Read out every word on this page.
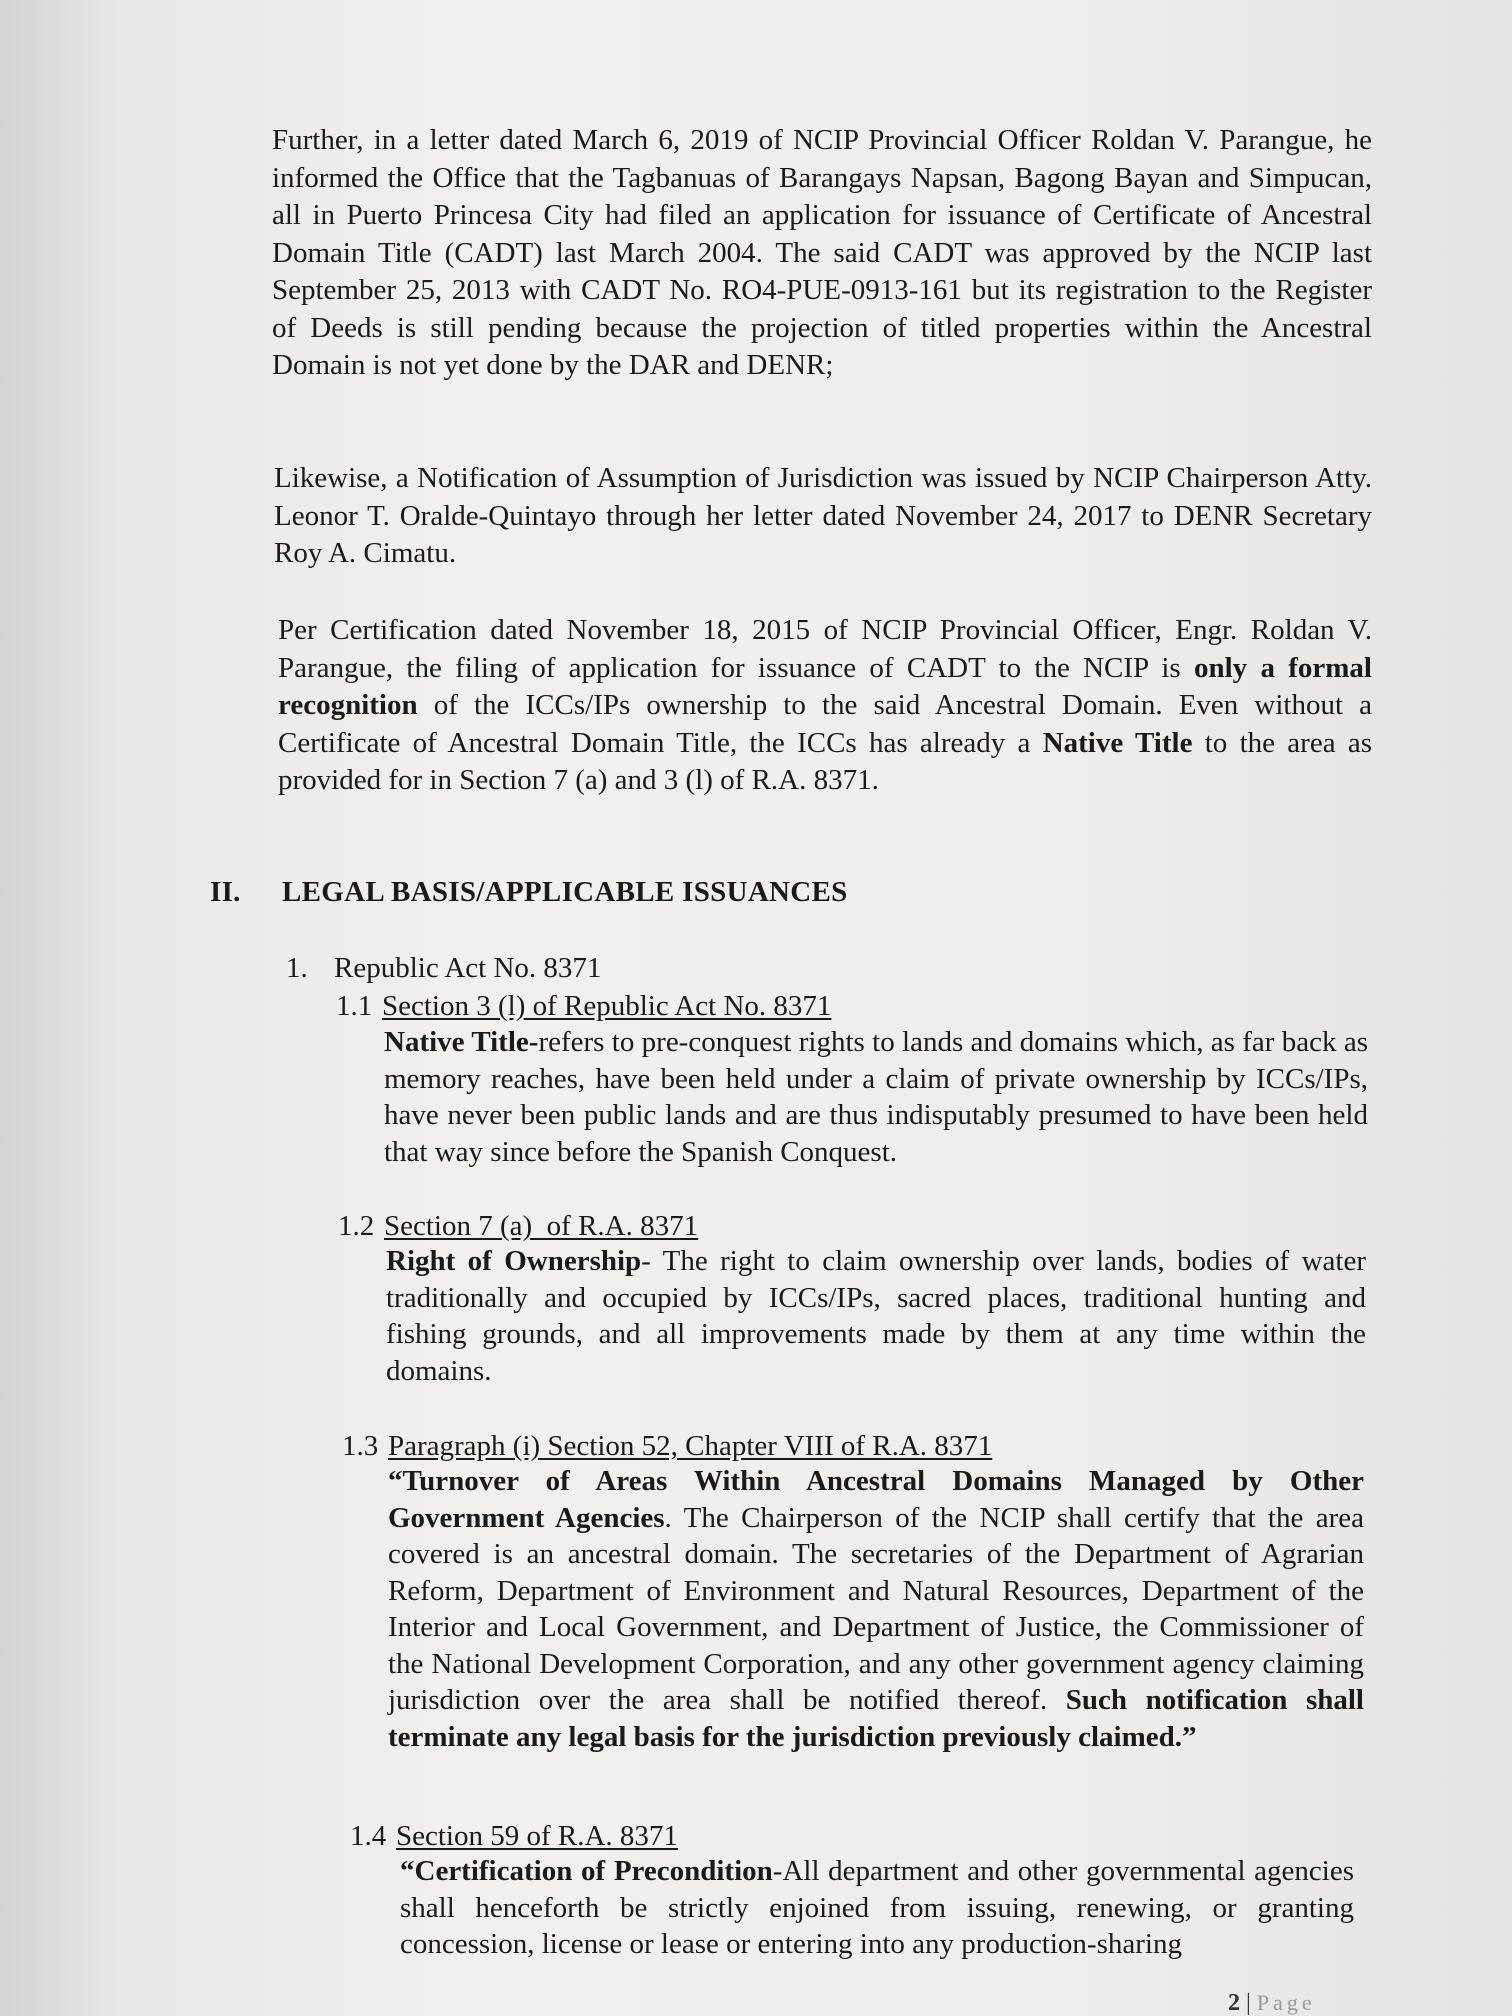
Further, in a letter dated March 6, 2019 of NCIP Provincial Officer Roldan V. Parangue, he informed the Office that the Tagbanuas of Barangays Napsan, Bagong Bayan and Simpucan, all in Puerto Princesa City had filed an application for issuance of Certificate of Ancestral Domain Title (CADT) last March 2004. The said CADT was approved by the NCIP last September 25, 2013 with CADT No. RO4-PUE-0913-161 but its registration to the Register of Deeds is still pending because the projection of titled properties within the Ancestral Domain is not yet done by the DAR and DENR;

Likewise, a Notification of Assumption of Jurisdiction was issued by NCIP Chairperson Atty. Leonor T. Oralde-Quintayo through her letter dated November 24, 2017 to DENR Secretary Roy A. Cimatu.

Per Certification dated November 18, 2015 of NCIP Provincial Officer, Engr. Roldan V. Parangue, the filing of application for issuance of CADT to the NCIP is only a formal recognition of the ICCs/IPs ownership to the said Ancestral Domain. Even without a Certificate of Ancestral Domain Title, the ICCs has already a Native Title to the area as provided for in Section 7 (a) and 3 (l) of R.A. 8371.

II. LEGAL BASIS/APPLICABLE ISSUANCES
1. Republic Act No. 8371
1.1 Section 3 (l) of Republic Act No. 8371

Native Title-refers to pre-conquest rights to lands and domains which, as far back as memory reaches, have been held under a claim of private ownership by ICCs/IPs, have never been public lands and are thus indisputably presumed to have been held that way since before the Spanish Conquest.

1.2 Section 7 (a)  of R.A. 8371

Right of Ownership- The right to claim ownership over lands, bodies of water traditionally and occupied by ICCs/IPs, sacred places, traditional hunting and fishing grounds, and all improvements made by them at any time within the domains.

1.3 Paragraph (i) Section 52, Chapter VIII of R.A. 8371

“Turnover of Areas Within Ancestral Domains Managed by Other Government Agencies. The Chairperson of the NCIP shall certify that the area covered is an ancestral domain. The secretaries of the Department of Agrarian Reform, Department of Environment and Natural Resources, Department of the Interior and Local Government, and Department of Justice, the Commissioner of the National Development Corporation, and any other government agency claiming jurisdiction over the area shall be notified thereof. Such notification shall terminate any legal basis for the jurisdiction previously claimed.”

1.4 Section 59 of R.A. 8371

“Certification of Precondition-All department and other governmental agencies shall henceforth be strictly enjoined from issuing, renewing, or granting concession, license or lease or entering into any production-sharing

2 | Page
